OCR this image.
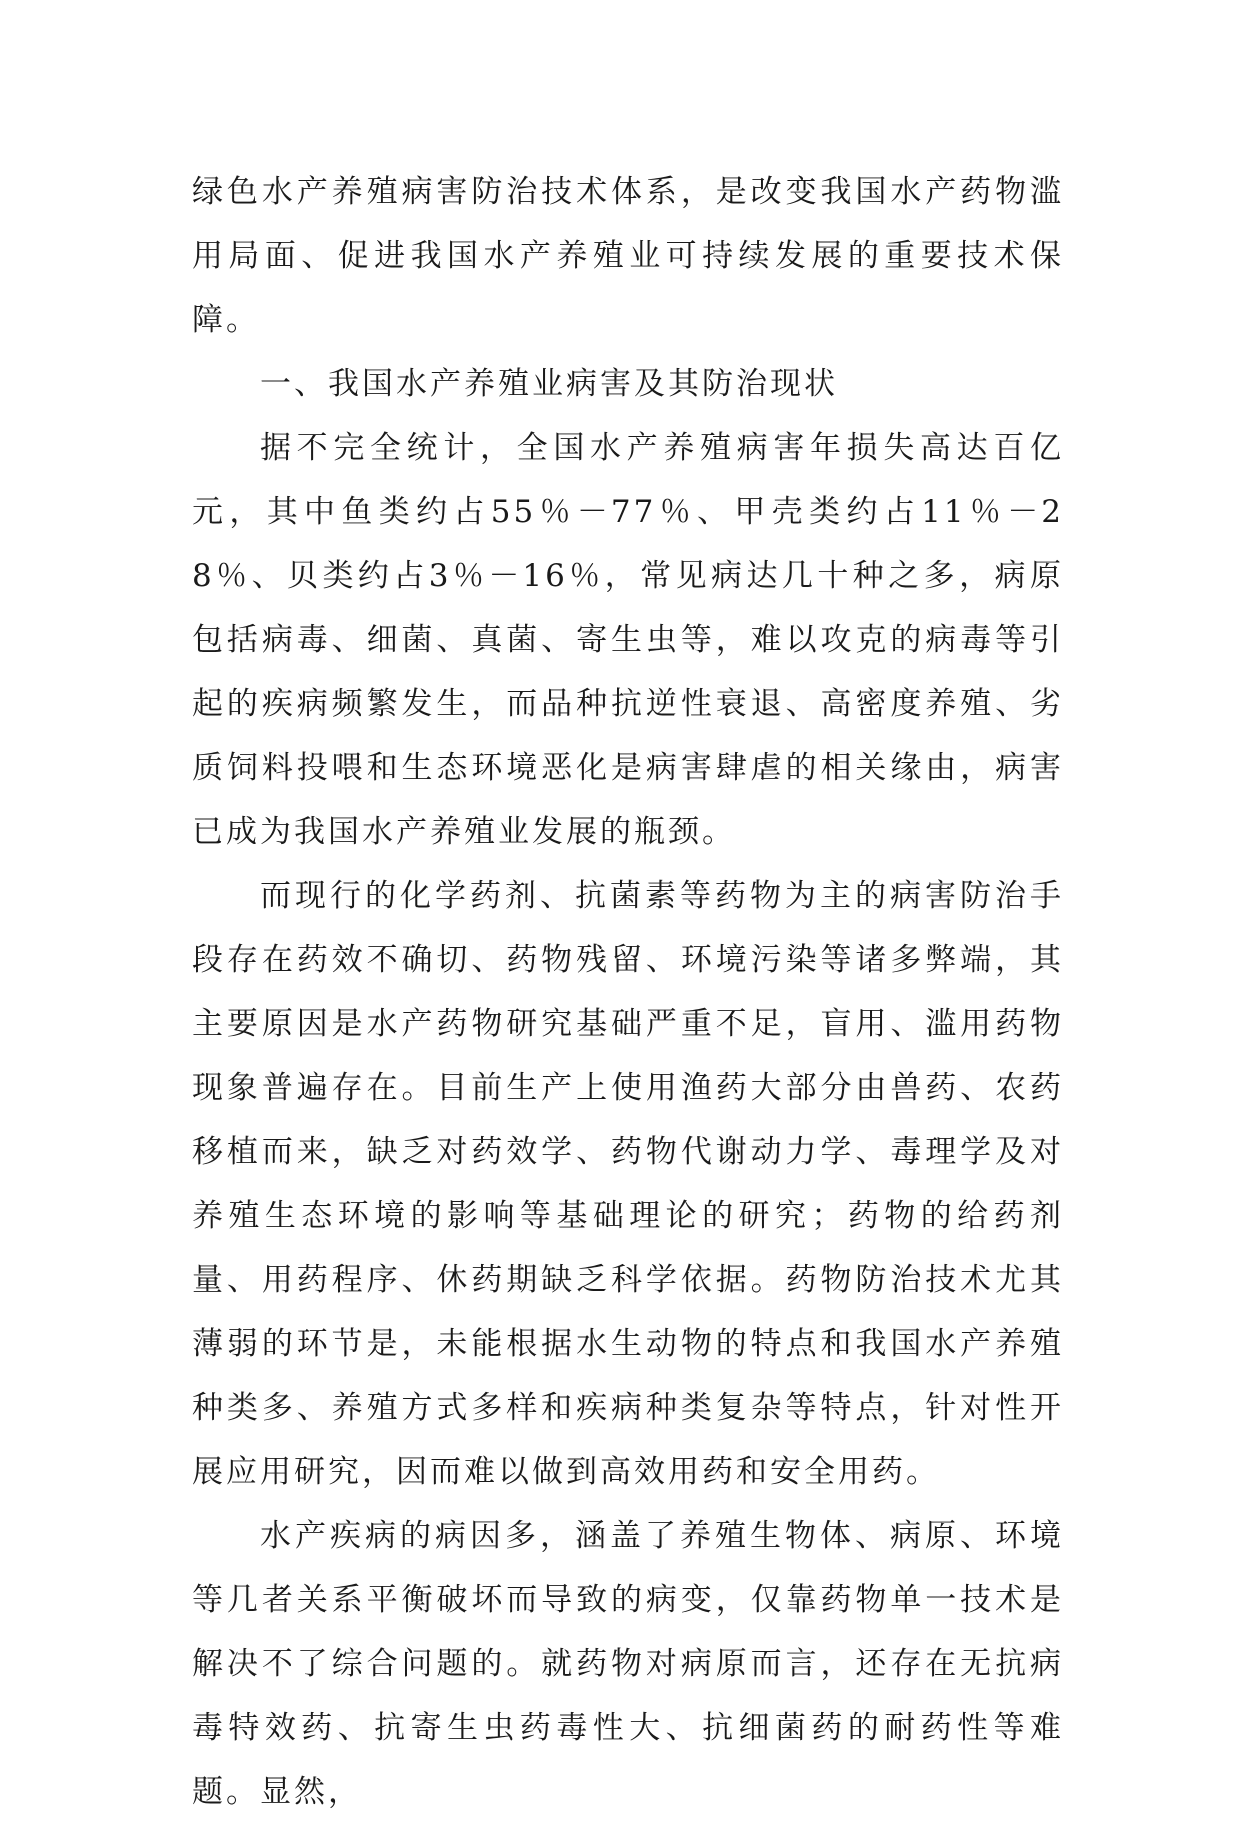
绿色水产养殖病害防治技术体系，是改变我国水产药物滥用局面、促进我国水产养殖业可持续发展的重要技术保障。

一、我国水产养殖业病害及其防治现状

据不完全统计，全国水产养殖病害年损失高达百亿元，其中鱼类约占55％－77％、甲壳类约占11％－28％、贝类约占3％－16％，常见病达几十种之多，病原包括病毒、细菌、真菌、寄生虫等，难以攻克的病毒等引起的疾病频繁发生，而品种抗逆性衰退、高密度养殖、劣质饲料投喂和生态环境恶化是病害肆虐的相关缘由，病害已成为我国水产养殖业发展的瓶颈。

而现行的化学药剂、抗菌素等药物为主的病害防治手段存在药效不确切、药物残留、环境污染等诸多弊端，其主要原因是水产药物研究基础严重不足，盲用、滥用药物现象普遍存在。目前生产上使用渔药大部分由兽药、农药移植而来，缺乏对药效学、药物代谢动力学、毒理学及对养殖生态环境的影响等基础理论的研究；药物的给药剂量、用药程序、休药期缺乏科学依据。药物防治技术尤其薄弱的环节是，未能根据水生动物的特点和我国水产养殖种类多、养殖方式多样和疾病种类复杂等特点，针对性开展应用研究，因而难以做到高效用药和安全用药。

水产疾病的病因多，涵盖了养殖生物体、病原、环境等几者关系平衡破坏而导致的病变，仅靠药物单一技术是解决不了综合问题的。就药物对病原而言，还存在无抗病毒特效药、抗寄生虫药毒性大、抗细菌药的耐药性等难题。显然，
